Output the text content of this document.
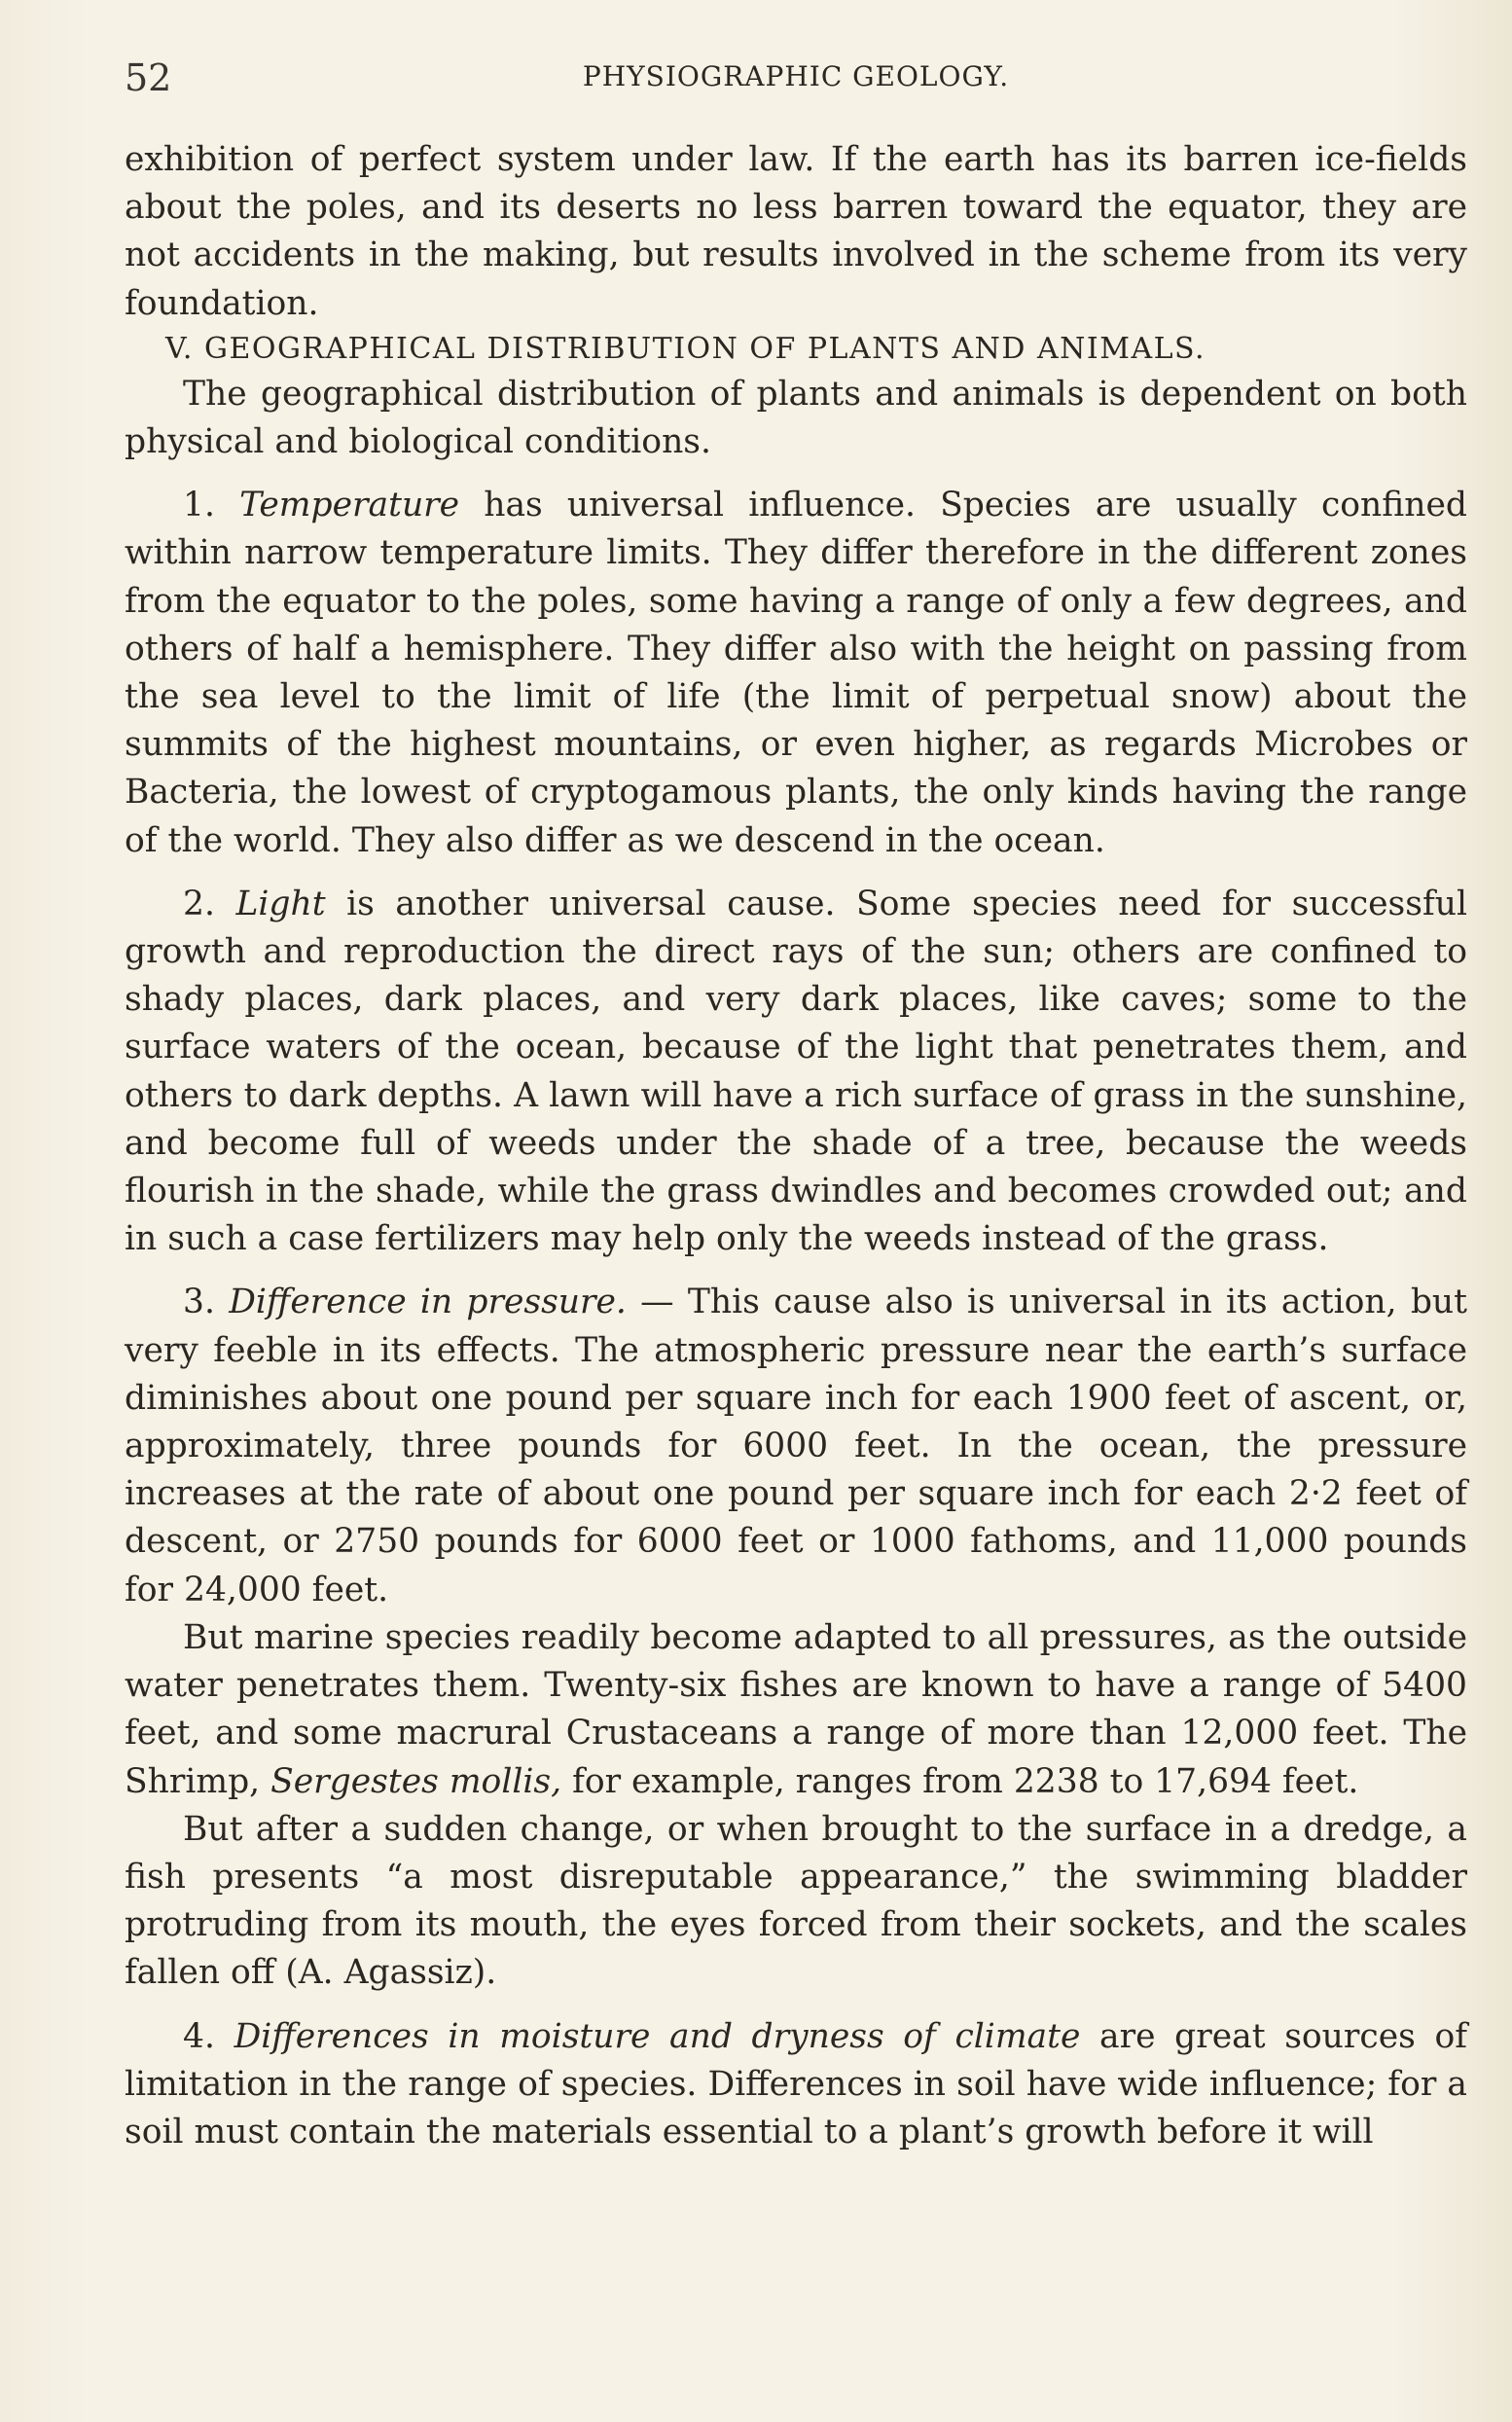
52	PHYSIOGRAPHIC GEOLOGY.

exhibition of perfect system under law. If the earth has its barren ice-fields about the poles, and its deserts no less barren toward the equator, they are not accidents in the making, but results involved in the scheme from its very foundation.

V. GEOGRAPHICAL DISTRIBUTION OF PLANTS AND ANIMALS.

The geographical distribution of plants and animals is dependent on both physical and biological conditions.

1. Temperature has universal influence. Species are usually confined within narrow temperature limits. They differ therefore in the different zones from the equator to the poles, some having a range of only a few degrees, and others of half a hemisphere. They differ also with the height on passing from the sea level to the limit of life (the limit of perpetual snow) about the summits of the highest mountains, or even higher, as regards Microbes or Bacteria, the lowest of cryptogamous plants, the only kinds having the range of the world. They also differ as we descend in the ocean.

2. Light is another universal cause. Some species need for successful growth and reproduction the direct rays of the sun; others are confined to shady places, dark places, and very dark places, like caves; some to the surface waters of the ocean, because of the light that penetrates them, and others to dark depths. A lawn will have a rich surface of grass in the sunshine, and become full of weeds under the shade of a tree, because the weeds flourish in the shade, while the grass dwindles and becomes crowded out; and in such a case fertilizers may help only the weeds instead of the grass.

3. Difference in pressure. — This cause also is universal in its action, but very feeble in its effects. The atmospheric pressure near the earth’s surface diminishes about one pound per square inch for each 1900 feet of ascent, or, approximately, three pounds for 6000 feet. In the ocean, the pressure increases at the rate of about one pound per square inch for each 2·2 feet of descent, or 2750 pounds for 6000 feet or 1000 fathoms, and 11,000 pounds for 24,000 feet.

But marine species readily become adapted to all pressures, as the outside water penetrates them. Twenty-six fishes are known to have a range of 5400 feet, and some macrural Crustaceans a range of more than 12,000 feet. The Shrimp, Sergestes mollis, for example, ranges from 2238 to 17,694 feet.

But after a sudden change, or when brought to the surface in a dredge, a fish presents “a most disreputable appearance,” the swimming bladder protruding from its mouth, the eyes forced from their sockets, and the scales fallen off (A. Agassiz).

4. Differences in moisture and dryness of climate are great sources of limitation in the range of species. Differences in soil have wide influence; for a soil must contain the materials essential to a plant’s growth before it will
